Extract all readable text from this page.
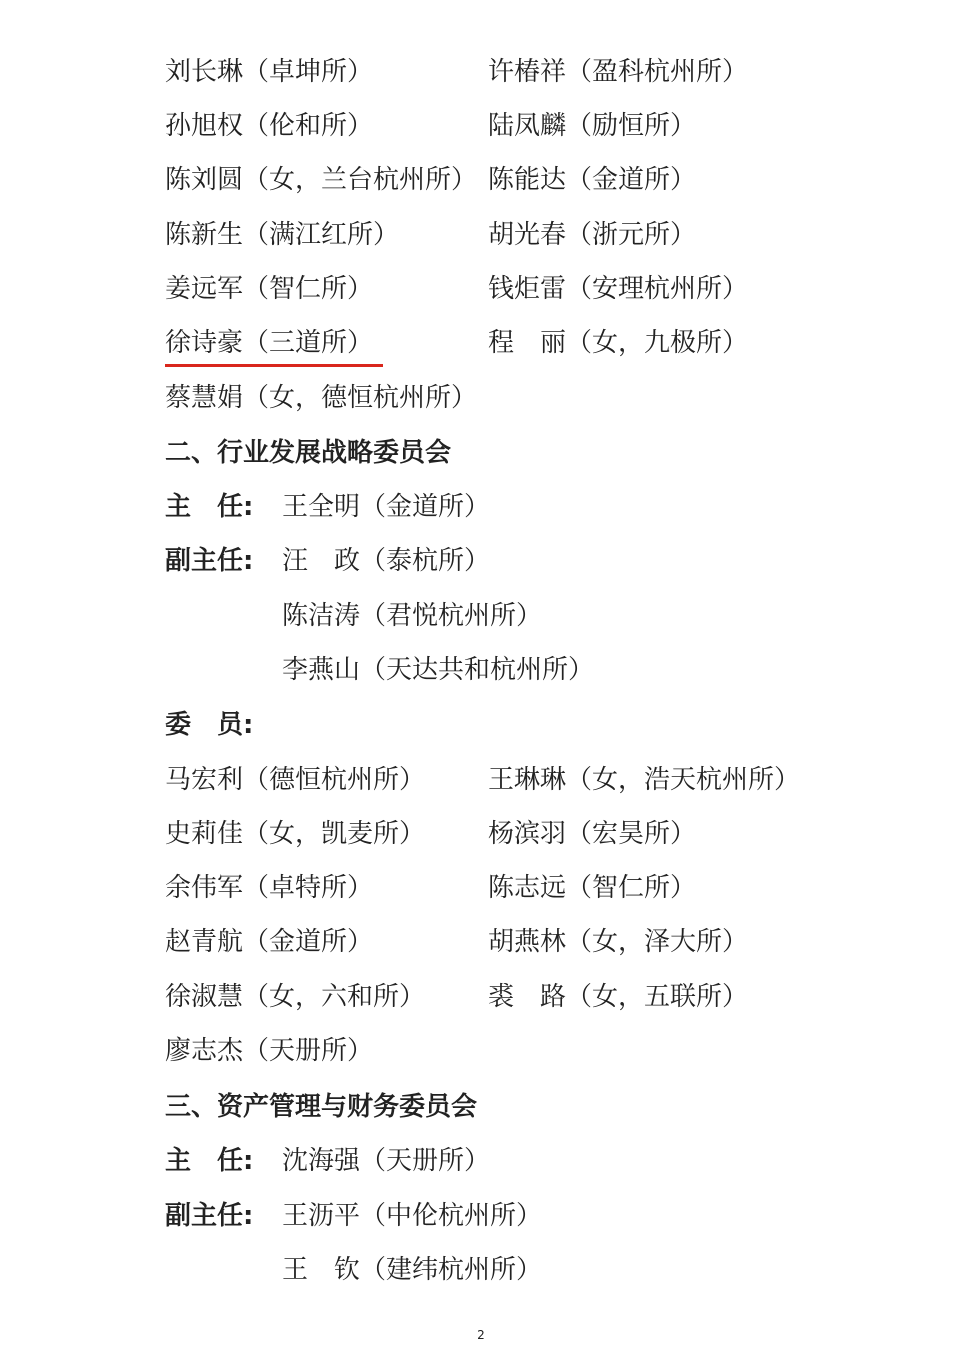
刘长琳（卓坤所）	许椿祥（盈科杭州所）
孙旭权（伦和所）	陆凤麟（励恒所）
陈刘圆（女，兰台杭州所） 陈能达（金道所）
陈新生（满江红所）	胡光春（浙元所）
姜远军（智仁所）	钱炬雷（安理杭州所）
徐诗豪（三道所）	程　丽（女，九极所）
蔡慧娟（女，德恒杭州所）
二、行业发展战略委员会
主　任: 王全明（金道所）
副主任: 汪　政（泰杭所）
陈洁涛（君悦杭州所）
李燕山（天达共和杭州所）
委　员:
马宏利（德恒杭州所） 王琳琳（女，浩天杭州所）
史莉佳（女，凯麦所） 杨滨羽（宏昊所）
余伟军（卓特所）	陈志远（智仁所）
赵青航（金道所）	胡燕林（女，泽大所）
徐淑慧（女，六和所） 裘　路（女，五联所）
廖志杰（天册所）
三、资产管理与财务委员会
主　任: 沈海强（天册所）
副主任: 王沥平（中伦杭州所）
王　钦（建纬杭州所）
2
